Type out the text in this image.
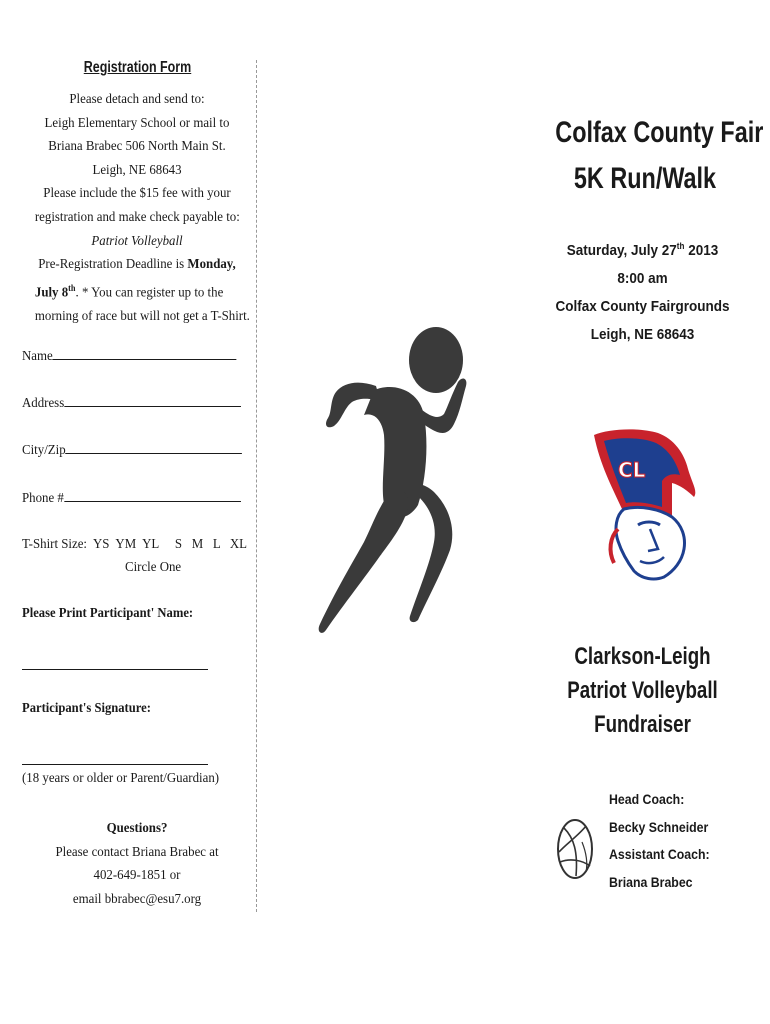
Registration Form
Please detach and send to:
Leigh Elementary School or mail to
Briana Brabec 506 North Main St.
Leigh, NE 68643
Please include the $15 fee with your
registration and make check payable to:
Patriot Volleyball
Pre-Registration Deadline is Monday,
July 8th. * You can register up to the
morning of race but will not get a T-Shirt.
Name
Address
City/Zip
Phone #
T-Shirt Size:  YS  YM  YL     S   M   L   XL
Circle One
Please Print Participant' Name:
Participant's Signature:
(18 years or older or Parent/Guardian)
Questions?
Please contact Briana Brabec at
402-649-1851 or
email bbrabec@esu7.org
Colfax County Fair
5K Run/Walk
Saturday, July 27th 2013
8:00 am
Colfax County Fairgrounds
Leigh, NE 68643
CL
Clarkson-Leigh
Patriot Volleyball
Fundraiser
Head Coach:
Becky Schneider
Assistant Coach:
Briana Brabec
